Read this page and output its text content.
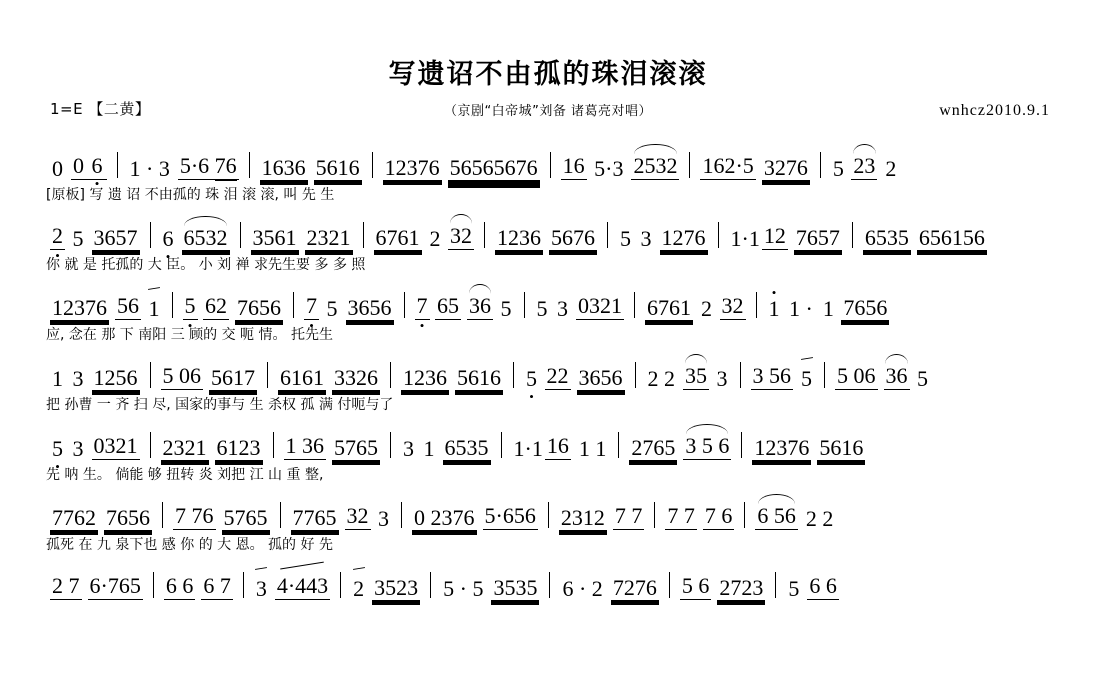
写遗诏不由孤的珠泪滚滚
（京剧“白帝城”刘备 诸葛亮对唱）
1=E 【二黄】	wnhcz2010.9.1
0 0 6 • 1 · 3 5·6 76 1636 5616 12376 56565676 16
5·3 2532 162·5 3276 5
23 2
[原板] 写 遗 诏 不由孤的 珠 泪 滚 滚, 叫 先 生
2 •
5 3657 6 • 6532 3561 2321 6761 2
32 1236 5676 5
3 1276 1·1 12 7657 6535 656156
你 就 是 托孤的 大 臣。 小 刘 禅 求先生要 多 多 照
12376 56
1 5 •
62 7656 7 •
5 3656 7 •
65 36
5 5
3 0321 6761 2
32 • 1
1 · 1
7656
应, 念在 那 下 南阳 三 顾的 交 呃 情。 托先生
1
3 1256 5 06 5617 6161 3326 1236 5616 5 •
22 3656 2 2 35
3 3 56 5 5 06 36
5
把 孙曹 一 齐 扫 尽, 国家的事与 生 杀权 孤 满 付呃与了
5 •
3 0321 2321 6123 1 36 5765 3
1 6535 1·1 16 1 1 2765 3 5 6 12376 5616
先 呐 生。 倘能 够 扭转 炎 刘把 江 山 重 整,
7762 7656 7 76 5765 7765 32
3 0 2376 5·656 2312 7 7 7 7 7 6 6 56 2 2
孤死 在 九 泉下也 感 你 的 大 恩。 孤的 好 先
2 7 6·765 6 6 6 7 3 4·443 2 3523 5 · 5 3535 6 · 2 7276 5 6 2723 5 6 6
